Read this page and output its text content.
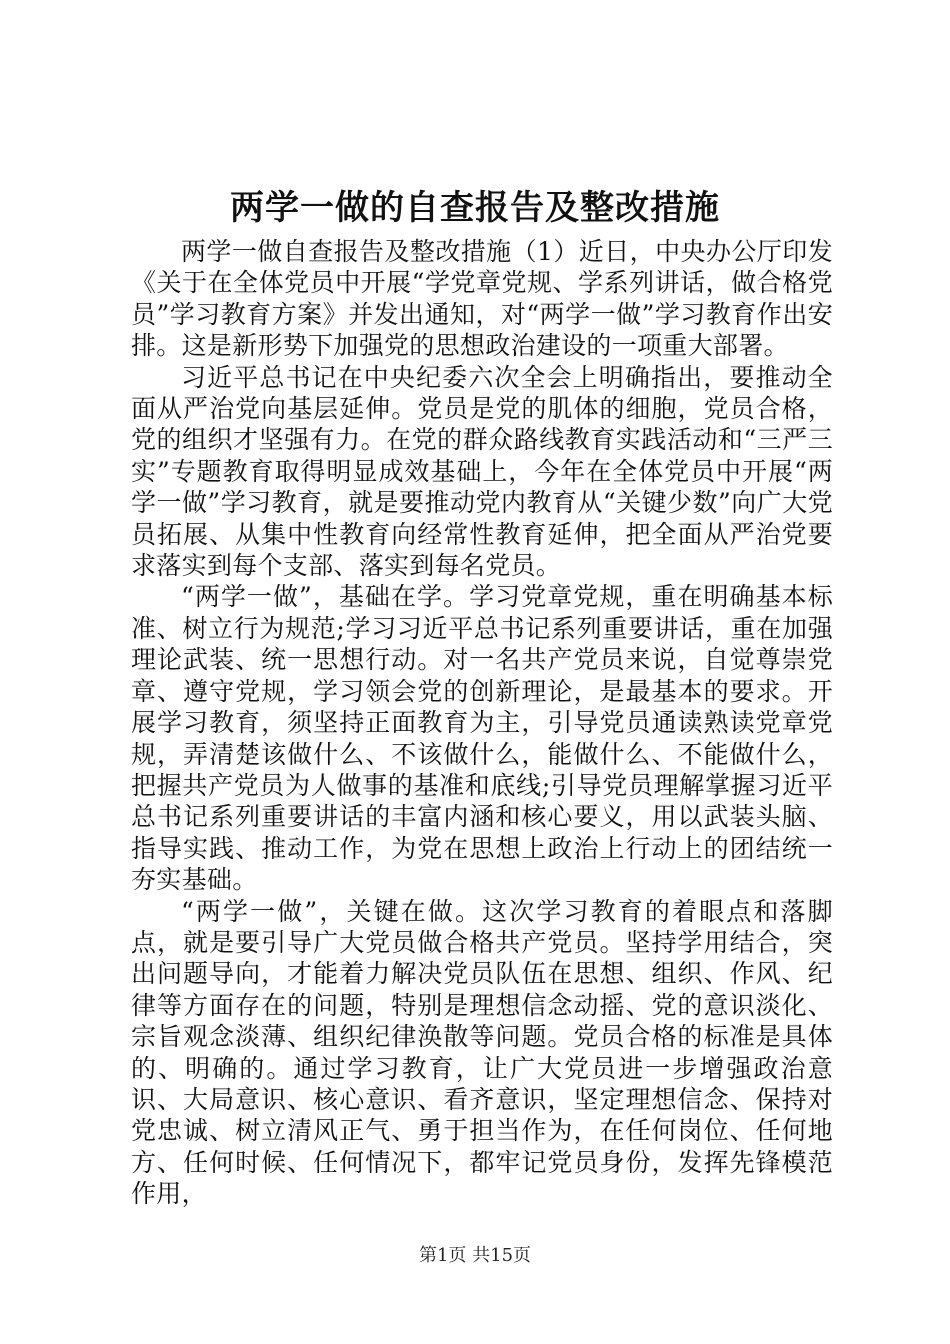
两学一做的自查报告及整改措施

两学一做自查报告及整改措施（1）近日，中央办公厅印发《关于在全体党员中开展“学党章党规、学系列讲话，做合格党员”学习教育方案》并发出通知，对“两学一做”学习教育作出安排。这是新形势下加强党的思想政治建设的一项重大部署。

习近平总书记在中央纪委六次全会上明确指出，要推动全面从严治党向基层延伸。党员是党的肌体的细胞，党员合格，党的组织才坚强有力。在党的群众路线教育实践活动和“三严三实”专题教育取得明显成效基础上，今年在全体党员中开展“两学一做”学习教育，就是要推动党内教育从“关键少数”向广大党员拓展、从集中性教育向经常性教育延伸，把全面从严治党要求落实到每个支部、落实到每名党员。

“两学一做”，基础在学。学习党章党规，重在明确基本标准、树立行为规范;学习习近平总书记系列重要讲话，重在加强理论武装、统一思想行动。对一名共产党员来说，自觉尊崇党章、遵守党规，学习领会党的创新理论，是最基本的要求。开展学习教育，须坚持正面教育为主，引导党员通读熟读党章党规，弄清楚该做什么、不该做什么，能做什么、不能做什么，把握共产党员为人做事的基准和底线;引导党员理解掌握习近平总书记系列重要讲话的丰富内涵和核心要义，用以武装头脑、指导实践、推动工作，为党在思想上政治上行动上的团结统一夯实基础。

“两学一做”，关键在做。这次学习教育的着眼点和落脚点，就是要引导广大党员做合格共产党员。坚持学用结合，突出问题导向，才能着力解决党员队伍在思想、组织、作风、纪律等方面存在的问题，特别是理想信念动摇、党的意识淡化、宗旨观念淡薄、组织纪律涣散等问题。党员合格的标准是具体的、明确的。通过学习教育，让广大党员进一步增强政治意识、大局意识、核心意识、看齐意识，坚定理想信念、保持对党忠诚、树立清风正气、勇于担当作为，在任何岗位、任何地方、任何时候、任何情况下，都牢记党员身份，发挥先锋模范作用，

第1页 共15页
